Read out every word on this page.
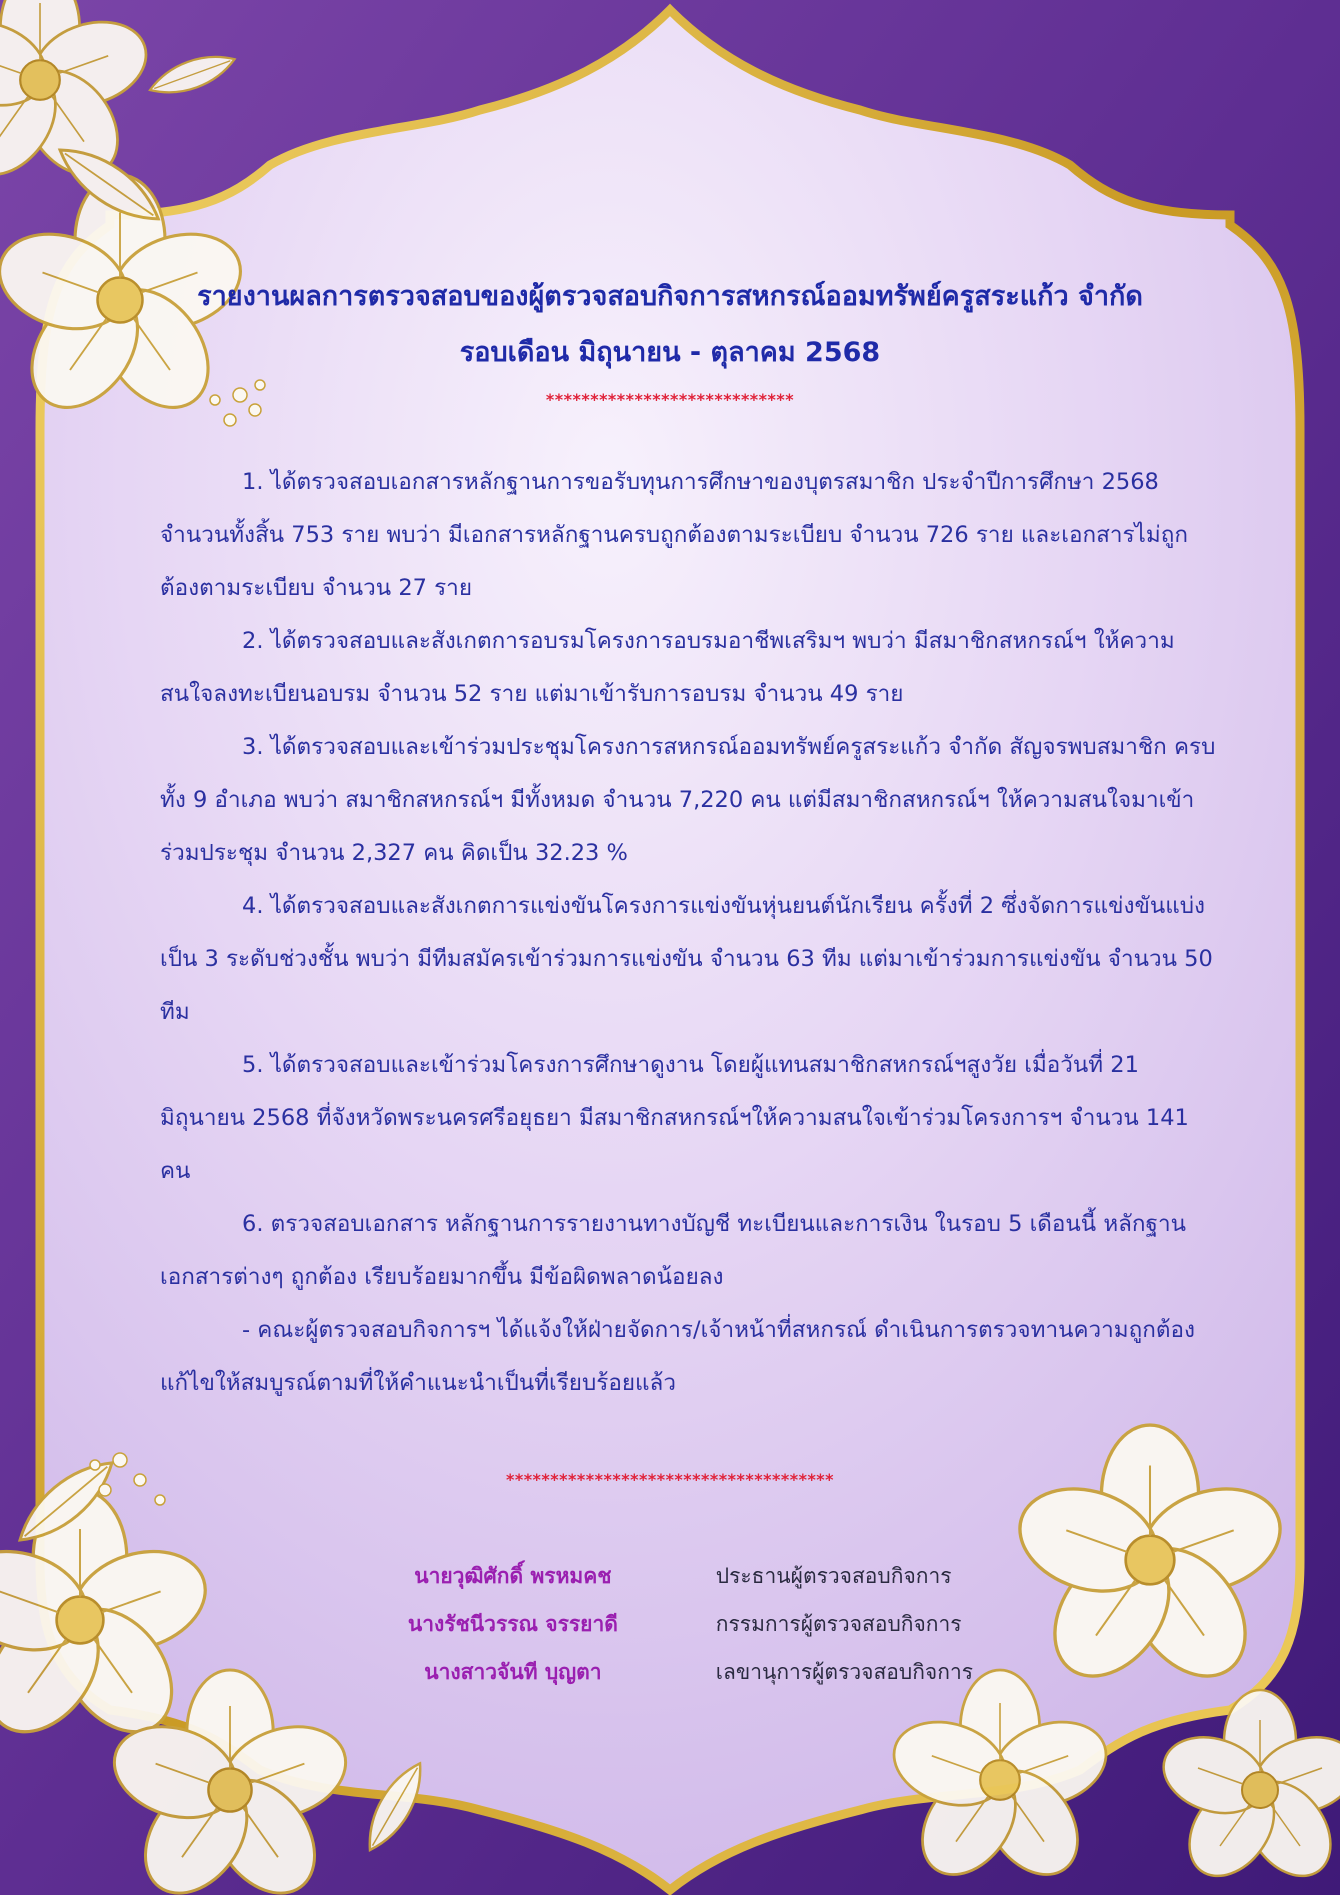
รายงานผลการตรวจสอบของผู้ตรวจสอบกิจการสหกรณ์ออมทรัพย์ครูสระแก้ว จำกัด
รอบเดือน มิถุนายน - ตุลาคม 2568
****************************

1. ได้ตรวจสอบเอกสารหลักฐานการขอรับทุนการศึกษาของบุตรสมาชิก ประจำปีการศึกษา 2568 จำนวนทั้งสิ้น 753 ราย พบว่า มีเอกสารหลักฐานครบถูกต้องตามระเบียบ จำนวน 726 ราย และเอกสารไม่ถูกต้องตามระเบียบ จำนวน 27 ราย

2. ได้ตรวจสอบและสังเกตการอบรมโครงการอบรมอาชีพเสริมฯ พบว่า มีสมาชิกสหกรณ์ฯ ให้ความสนใจลงทะเบียนอบรม จำนวน 52 ราย แต่มาเข้ารับการอบรม จำนวน 49 ราย

3. ได้ตรวจสอบและเข้าร่วมประชุมโครงการสหกรณ์ออมทรัพย์ครูสระแก้ว จำกัด สัญจรพบสมาชิก ครบทั้ง 9 อำเภอ พบว่า สมาชิกสหกรณ์ฯ มีทั้งหมด จำนวน 7,220 คน แต่มีสมาชิกสหกรณ์ฯ ให้ความสนใจมาเข้าร่วมประชุม จำนวน 2,327 คน คิดเป็น 32.23 %

4. ได้ตรวจสอบและสังเกตการแข่งขันโครงการแข่งขันหุ่นยนต์นักเรียน ครั้งที่ 2 ซึ่งจัดการแข่งขันแบ่งเป็น 3 ระดับช่วงชั้น พบว่า มีทีมสมัครเข้าร่วมการแข่งขัน จำนวน 63 ทีม แต่มาเข้าร่วมการแข่งขัน จำนวน 50 ทีม

5. ได้ตรวจสอบและเข้าร่วมโครงการศึกษาดูงาน โดยผู้แทนสมาชิกสหกรณ์ฯสูงวัย เมื่อวันที่ 21 มิถุนายน 2568 ที่จังหวัดพระนครศรีอยุธยา มีสมาชิกสหกรณ์ฯให้ความสนใจเข้าร่วมโครงการฯ จำนวน 141 คน

6. ตรวจสอบเอกสาร หลักฐานการรายงานทางบัญชี ทะเบียนและการเงิน ในรอบ 5 เดือนนี้ หลักฐานเอกสารต่างๆ ถูกต้อง เรียบร้อยมากขึ้น มีข้อผิดพลาดน้อยลง

- คณะผู้ตรวจสอบกิจการฯ ได้แจ้งให้ฝ่ายจัดการ/เจ้าหน้าที่สหกรณ์ ดำเนินการตรวจทานความถูกต้อง แก้ไขให้สมบูรณ์ตามที่ให้คำแนะนำเป็นที่เรียบร้อยแล้ว

*************************************
นายวุฒิศักดิ์ พรหมคช	ประธานผู้ตรวจสอบกิจการ
นางรัชนีวรรณ จรรยาดี	กรรมการผู้ตรวจสอบกิจการ
นางสาวจันที บุญตา	เลขานุการผู้ตรวจสอบกิจการ
